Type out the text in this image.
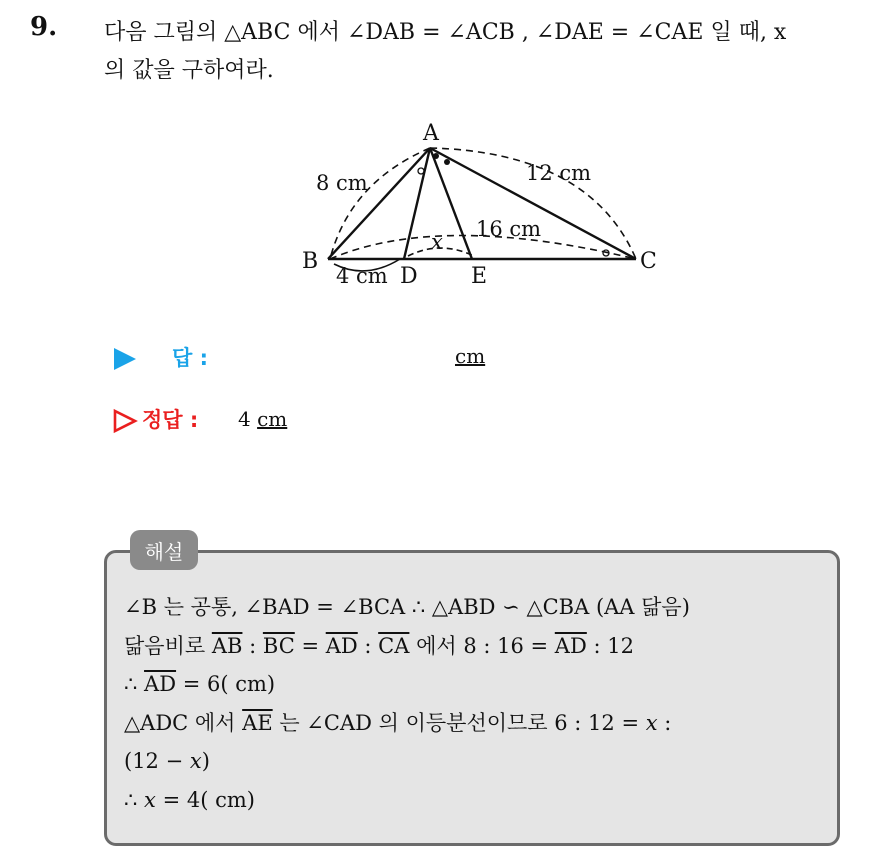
9. 다음 그림의 △ABC 에서 ∠DAB = ∠ACB , ∠DAE = ∠CAE 일 때, x
의 값을 구하여라.
A
B	C
D E
8 cm	12 cm
16 cm
4 cm
x
답 :	cm
정답 : 4 cm
해설
∠B 는 공통, ∠BAD = ∠BCA ∴ △ABD ∽ △CBA (AA 닮음)
닮음비로 $\overline{AB}$ : $\overline{BC} = \overline{AD}$ : $\overline{CA}$ 에서 8 : $16 = \overline{AD}$ : 12
∴ $\overline{AD} = 6$( cm)
△ADC 에서 $\overline{AE}$ 는 ∠CAD 의 이등분선이므로 6 : 12 = x :
(12 − x)
∴ x = 4( cm)
